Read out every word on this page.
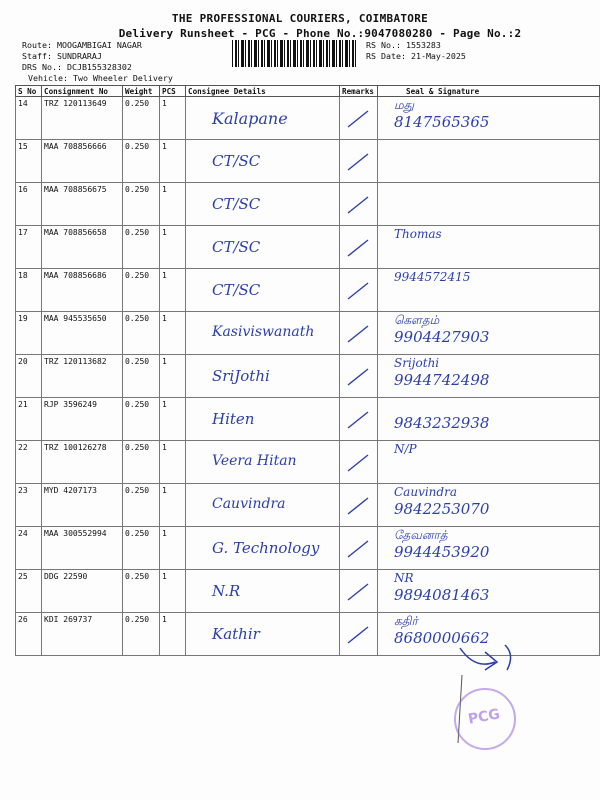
THE PROFESSIONAL COURIERS, COIMBATORE
Delivery Runsheet - PCG - Phone No.:9047080280 - Page No.:2
Route: MOOGAMBIGAI NAGAR
Staff: SUNDRARAJ
DRS No.: DCJB155328302
Vehicle: Two Wheeler Delivery
RS No.: 1553283
RS Date: 21-May-2025
S No	Consignment No	Weight	PCS	Consignee Details	Remarks	Seal & Signature
14	TRZ 120113649	0.250	1	Kalapane		மது
8147565365

15	MAA 708856666	0.250	1	CT/SC

16	MAA 708856675	0.250	1	CT/SC

17	MAA 708856658	0.250	1	CT/SC		Thomas

18	MAA 708856686	0.250	1	CT/SC		9944572415

19	MAA 945535650	0.250	1	Kasiviswanath		கௌதம்
9904427903

20	TRZ 120113682	0.250	1	SriJothi		Srijothi
9944742498

21	RJP 3596249	0.250	1	Hiten		9843232938

22	TRZ 100126278	0.250	1	Veera Hitan		N/P

23	MYD 4207173	0.250	1	Cauvindra		Cauvindra
9842253070

24	MAA 300552994	0.250	1	G. Technology		தேவனாத்
9944453920

25	DDG 22590	0.250	1	N.R		NR
9894081463

26	KDI 269737	0.250	1	Kathir		கதிர்
8680000662
PCG
